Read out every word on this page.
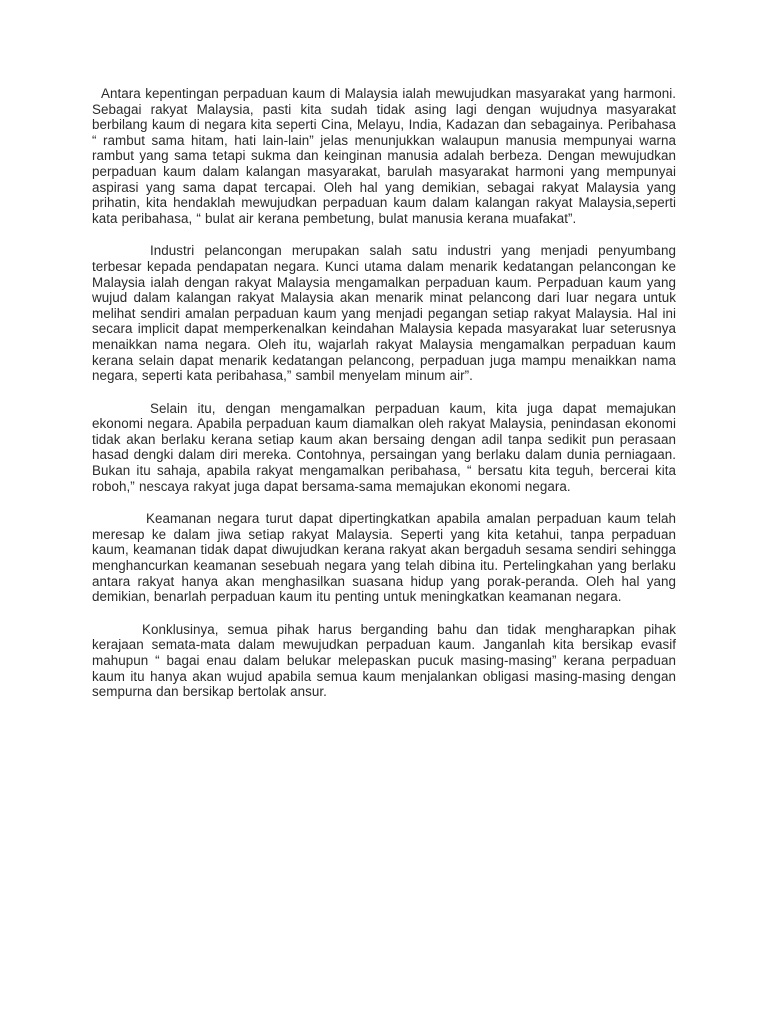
Antara kepentingan perpaduan kaum di Malaysia ialah mewujudkan masyarakat yang harmoni. Sebagai rakyat Malaysia, pasti kita sudah tidak asing lagi dengan wujudnya masyarakat berbilang kaum di negara kita seperti Cina, Melayu, India, Kadazan dan sebagainya. Peribahasa “ rambut sama hitam, hati lain-lain” jelas menunjukkan walaupun manusia mempunyai warna rambut yang sama tetapi sukma dan keinginan manusia adalah berbeza. Dengan mewujudkan perpaduan kaum dalam kalangan masyarakat, barulah masyarakat harmoni yang mempunyai aspirasi yang sama dapat tercapai. Oleh hal yang demikian, sebagai rakyat Malaysia yang prihatin, kita hendaklah mewujudkan perpaduan kaum dalam kalangan rakyat Malaysia,seperti kata peribahasa, “ bulat air kerana pembetung, bulat manusia kerana muafakat”.

Industri pelancongan merupakan salah satu industri yang menjadi penyumbang terbesar kepada pendapatan negara. Kunci utama dalam menarik kedatangan pelancongan ke Malaysia ialah dengan rakyat Malaysia mengamalkan perpaduan kaum. Perpaduan kaum yang wujud dalam kalangan rakyat Malaysia akan menarik minat pelancong dari luar negara untuk melihat sendiri amalan perpaduan kaum yang menjadi pegangan setiap rakyat Malaysia. Hal ini secara implicit dapat memperkenalkan keindahan Malaysia kepada masyarakat luar seterusnya menaikkan nama negara. Oleh itu, wajarlah rakyat Malaysia mengamalkan perpaduan kaum kerana selain dapat menarik kedatangan pelancong, perpaduan juga mampu menaikkan nama negara, seperti kata peribahasa,” sambil menyelam minum air”.

Selain itu, dengan mengamalkan perpaduan kaum, kita juga dapat memajukan ekonomi negara. Apabila perpaduan kaum diamalkan oleh rakyat Malaysia, penindasan ekonomi tidak akan berlaku kerana setiap kaum akan bersaing dengan adil tanpa sedikit pun perasaan hasad dengki dalam diri mereka. Contohnya, persaingan yang berlaku dalam dunia perniagaan. Bukan itu sahaja, apabila rakyat mengamalkan peribahasa, “ bersatu kita teguh, bercerai kita roboh,” nescaya rakyat juga dapat bersama-sama memajukan ekonomi negara.

Keamanan negara turut dapat dipertingkatkan apabila amalan perpaduan kaum telah meresap ke dalam jiwa setiap rakyat Malaysia. Seperti yang kita ketahui, tanpa perpaduan kaum, keamanan tidak dapat diwujudkan kerana rakyat akan bergaduh sesama sendiri sehingga menghancurkan keamanan sesebuah negara yang telah dibina itu. Pertelingkahan yang berlaku antara rakyat hanya akan menghasilkan suasana hidup yang porak-peranda. Oleh hal yang demikian, benarlah perpaduan kaum itu penting untuk meningkatkan keamanan negara.

Konklusinya, semua pihak harus berganding bahu dan tidak mengharapkan pihak kerajaan semata-mata dalam mewujudkan perpaduan kaum. Janganlah kita bersikap evasif mahupun “ bagai enau dalam belukar melepaskan pucuk masing-masing” kerana perpaduan kaum itu hanya akan wujud apabila semua kaum menjalankan obligasi masing-masing dengan sempurna dan bersikap bertolak ansur.
